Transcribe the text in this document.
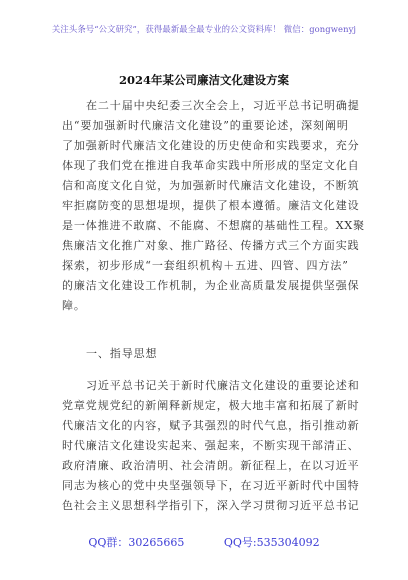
关注头条号“公文研究”，获得最新最全最专业的公文资料库！ 微信：gongwenyj
2024年某公司廉洁文化建设方案
在二十届中央纪委三次全会上，习近平总书记明确提
出“要加强新时代廉洁文化建设”的重要论述，深刻阐明
了加强新时代廉洁文化建设的历史使命和实践要求，充分
体现了我们党在推进自我革命实践中所形成的坚定文化自
信和高度文化自觉，为加强新时代廉洁文化建设，不断筑
牢拒腐防变的思想堤坝，提供了根本遵循。廉洁文化建设
是一体推进不敢腐、不能腐、不想腐的基础性工程。XX聚
焦廉洁文化推广对象、推广路径、传播方式三个方面实践
探索，初步形成“一套组织机构＋五进、四管、四方法”
的廉洁文化建设工作机制，为企业高质量发展提供坚强保
障。
一、指导思想
习近平总书记关于新时代廉洁文化建设的重要论述和
党章党规党纪的新阐释新规定，极大地丰富和拓展了新时
代廉洁文化的内容，赋予其强烈的时代气息，指引推动新
时代廉洁文化建设实起来、强起来，不断实现干部清正、
政府清廉、政治清明、社会清朗。新征程上，在以习近平
同志为核心的党中央坚强领导下，在习近平新时代中国特
色社会主义思想科学指引下，深入学习贯彻习近平总书记
QQ群：30265665	QQ号:535304092
